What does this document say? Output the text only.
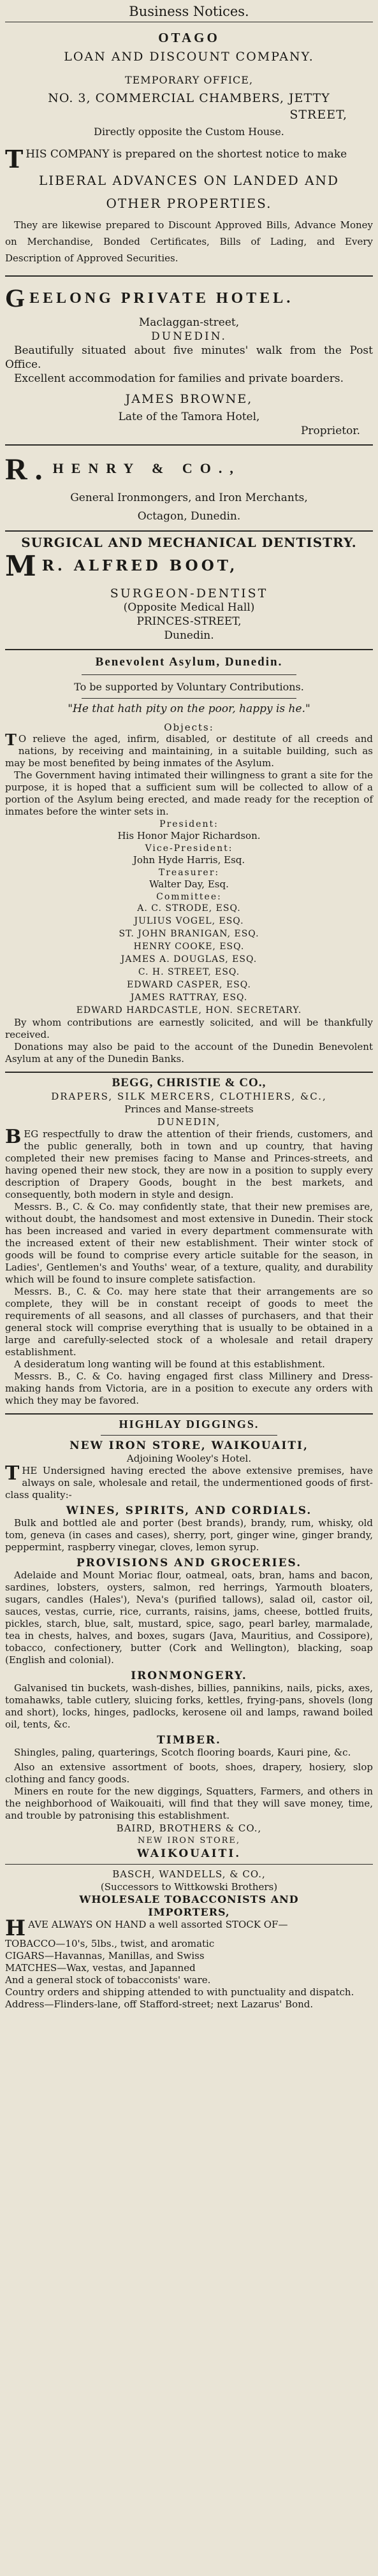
Business Notices.

OTAGO

LOAN AND DISCOUNT COMPANY.

TEMPORARY OFFICE,

NO. 3, COMMERCIAL CHAMBERS, JETTY

STREET,

Directly opposite the Custom House.

THIS COMPANY is prepared on the shortest notice to make

LIBERAL ADVANCES ON LANDED AND

OTHER PROPERTIES.

They are likewise prepared to Discount Approved Bills, Advance Money on Merchandise, Bonded Certificates, Bills of Lading, and Every Description of Approved Securities.

GEELONG PRIVATE HOTEL.

Maclaggan-street,

DUNEDIN.

Beautifully situated about five minutes' walk from the Post Office.

Excellent accommodation for families and private boarders.

JAMES BROWNE,

Late of the Tamora Hotel,

Proprietor.

R. HENRY & CO.,

General Ironmongers, and Iron Merchants,

Octagon, Dunedin.

SURGICAL AND MECHANICAL DENTISTRY.

M R. ALFRED BOOT,

SURGEON-DENTIST

(Opposite Medical Hall)

PRINCES-STREET,

Dunedin.

Benevolent Asylum, Dunedin.

To be supported by Voluntary Contributions.

"He that hath pity on the poor, happy is he."

Objects:

T O relieve the aged, infirm, disabled, or destitute of all creeds and nations, by receiving and maintaining, in a suitable building, such as may be most benefited by being inmates of the Asylum.

The Government having intimated their willingness to grant a site for the purpose, it is hoped that a sufficient sum will be collected to allow of a portion of the Asylum being erected, and made ready for the reception of inmates before the winter sets in.

President:

His Honor Major Richardson.

Vice-President:

John Hyde Harris, Esq.

Treasurer:

Walter Day, Esq.

Committee:

A. C. STRODE, ESQ.

JULIUS VOGEL, ESQ.

ST. JOHN BRANIGAN, ESQ.

HENRY COOKE, ESQ.

JAMES A. DOUGLAS, ESQ.

C. H. STREET, ESQ.

EDWARD CASPER, ESQ.

JAMES RATTRAY, ESQ.

EDWARD HARDCASTLE, HON. SECRETARY.

By whom contributions are earnestly solicited, and will be thankfully received.

Donations may also be paid to the account of the Dunedin Benevolent Asylum at any of the Dunedin Banks.

BEGG, CHRISTIE & CO.,

DRAPERS, SILK MERCERS, CLOTHIERS, &C.,

Princes and Manse-streets

DUNEDIN,

BEG respectfully to draw the attention of their friends, customers, and the public generally, both in town and up country, that having completed their new premises facing to Manse and Princes-streets, and having opened their new stock, they are now in a position to supply every description of Drapery Goods, bought in the best markets, and consequently, both modern in style and design.

Messrs. B., C. & Co. may confidently state, that their new premises are, without doubt, the handsomest and most extensive in Dunedin. Their stock has been increased and varied in every department commensurate with the increased extent of their new establishment. Their winter stock of goods will be found to comprise every article suitable for the season, in Ladies', Gentlemen's and Youths' wear, of a texture, quality, and durability which will be found to insure complete satisfaction.

Messrs. B., C. & Co. may here state that their arrangements are so complete, they will be in constant receipt of goods to meet the requirements of all seasons, and all classes of purchasers, and that their general stock will comprise everything that is usually to be obtained in a large and carefully-selected stock of a wholesale and retail drapery establishment.

A desideratum long wanting will be found at this establishment.

Messrs. B., C. & Co. having engaged first class Millinery and Dress-making hands from Victoria, are in a position to execute any orders with which they may be favored.

HIGHLAY DIGGINGS.

NEW IRON STORE, WAIKOUAITI,

Adjoining Wooley's Hotel.

THE Undersigned having erected the above extensive premises, have always on sale, wholesale and retail, the undermentioned goods of first-class quality:-

WINES, SPIRITS, AND CORDIALS.

Bulk and bottled ale and porter (best brands), brandy, rum, whisky, old tom, geneva (in cases and cases), sherry, port, ginger wine, ginger brandy, peppermint, raspberry vinegar, cloves, lemon syrup.

PROVISIONS AND GROCERIES.

Adelaide and Mount Moriac flour, oatmeal, oats, bran, hams and bacon, sardines, lobsters, oysters, salmon, red herrings, Yarmouth bloaters, sugars, candles (Hales'), Neva's (purified tallows), salad oil, castor oil, sauces, vestas, currie, rice, currants, raisins, jams, cheese, bottled fruits, pickles, starch, blue, salt, mustard, spice, sago, pearl barley, marmalade, tea in chests, halves, and boxes, sugars (Java, Mauritius, and Cossipore), tobacco, confectionery, butter (Cork and Wellington), blacking, soap (English and colonial).

IRONMONGERY.

Galvanised tin buckets, wash-dishes, billies, pannikins, nails, picks, axes, tomahawks, table cutlery, sluicing forks, kettles, frying-pans, shovels (long and short), locks, hinges, padlocks, kerosene oil and lamps, rawand boiled oil, tents, &c.

TIMBER.

Shingles, paling, quarterings, Scotch flooring boards, Kauri pine, &c.

Also an extensive assortment of boots, shoes, drapery, hosiery, slop clothing and fancy goods.

Miners en route for the new diggings, Squatters, Farmers, and others in the neighborhood of Waikouaiti, will find that they will save money, time, and trouble by patronising this establishment.

BAIRD, BROTHERS & CO.,

NEW IRON STORE,

WAIKOUAITI.

BASCH, WANDELLS, & CO.,

(Successors to Wittkowski Brothers)

WHOLESALE TOBACCONISTS AND

IMPORTERS,

HAVE ALWAYS ON HAND a well assorted STOCK OF—

TOBACCO—10's, 5lbs., twist, and aromatic

CIGARS—Havannas, Manillas, and Swiss

MATCHES—Wax, vestas, and Japanned

And a general stock of tobacconists' ware.

Country orders and shipping attended to with punctuality and dispatch.

Address—Flinders-lane, off Stafford-street; next Lazarus' Bond.
